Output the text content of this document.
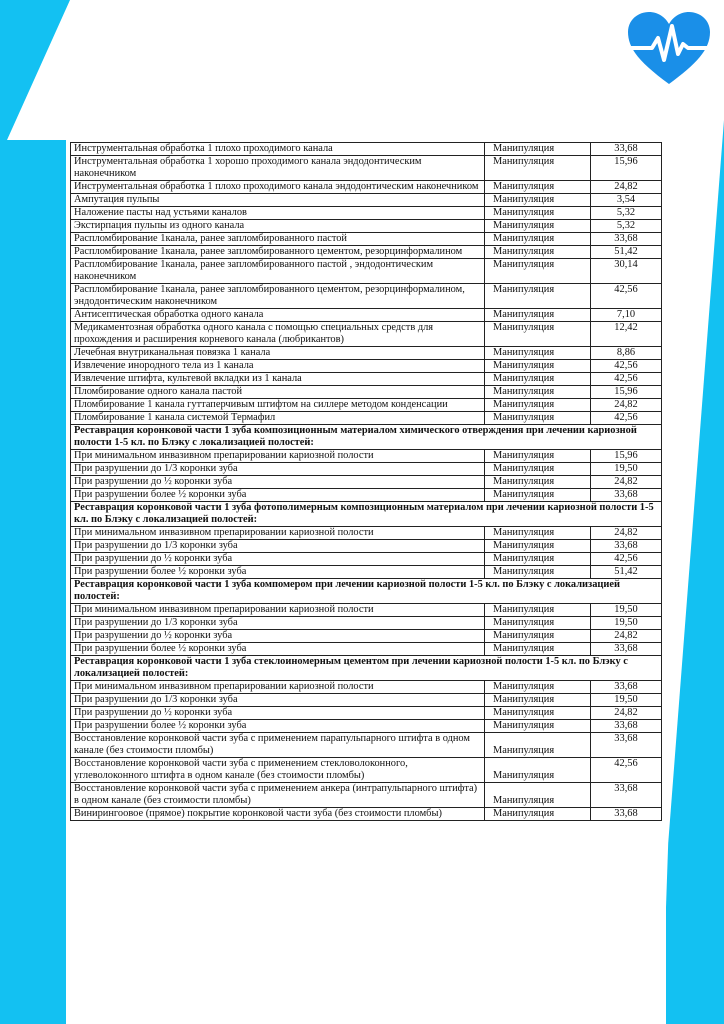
Инструментальная обработка 1 плохо проходимого канала	Манипуляция	33,68
Инструментальная обработка 1 хорошо проходимого канала эндодонтическим наконечником	Манипуляция	15,96
Инструментальная обработка 1 плохо проходимого канала эндодонтическим наконечником	Манипуляция	24,82
Ампутация пульпы	Манипуляция	3,54
Наложение пасты над устьями каналов	Манипуляция	5,32
Экстирпация пульпы из одного канала	Манипуляция	5,32
Распломбирование 1канала, ранее запломбированного пастой	Манипуляция	33,68
Распломбирование 1канала, ранее запломбированного цементом, резорцинформалином	Манипуляция	51,42
Распломбирование 1канала, ранее запломбированного пастой , эндодонтическим наконечником	Манипуляция	30,14
Распломбирование 1канала, ранее запломбированного цементом, резорцинформалином, эндодонтическим наконечником	Манипуляция	42,56
Антисептическая обработка одного канала	Манипуляция	7,10
Медикаментозная обработка одного канала с помощью специальных средств для прохождения и расширения корневого канала (любрикантов)	Манипуляция	12,42
Лечебная внутриканальная повязка 1 канала	Манипуляция	8,86
Извлечение инородного тела из 1 канала	Манипуляция	42,56
Извлечение штифта, культевой вкладки из 1 канала	Манипуляция	42,56
Пломбирование одного канала пастой	Манипуляция	15,96
Пломбирование 1 канала гуттаперчивым штифтом на силлере методом конденсации	Манипуляция	24,82
Пломбирование 1 канала системой Термафил	Манипуляция	42,56
Реставрация коронковой части 1 зуба композиционным материалом химического отверждения при лечении кариозной полости 1-5 кл. по Блэку с локализацией полостей:		
При минимальном инвазивном препарировании кариозной полости	Манипуляция	15,96
При разрушении до 1/3 коронки зуба	Манипуляция	19,50
При разрушении до ½ коронки зуба	Манипуляция	24,82
При разрушении более ½ коронки зуба	Манипуляция	33,68
Реставрация коронковой части 1 зуба фотополимерным композиционным материалом при лечении кариозной полости 1-5 кл. по Блэку с локализацией полостей:		
При минимальном инвазивном препарировании кариозной полости	Манипуляция	24,82
При разрушении до 1/3 коронки зуба	Манипуляция	33,68
При разрушении до ½ коронки зуба	Манипуляция	42,56
При разрушении более ½ коронки зуба	Манипуляция	51,42
Реставрация коронковой части 1 зуба компомером при лечении кариозной полости 1-5 кл. по Блэку с локализацией полостей:		
При минимальном инвазивном препарировании кариозной полости	Манипуляция	19,50
При разрушении до 1/3 коронки зуба	Манипуляция	19,50
При разрушении до ½ коронки зуба	Манипуляция	24,82
При разрушении более ½ коронки зуба	Манипуляция	33,68
Реставрация коронковой части 1 зуба стеклоиномерным цементом при лечении кариозной полости 1-5 кл. по Блэку с локализацией полостей:		
При минимальном инвазивном препарировании кариозной полости	Манипуляция	33,68
При разрушении до 1/3 коронки зуба	Манипуляция	19,50
При разрушении до ½ коронки зуба	Манипуляция	24,82
При разрушении более ½ коронки зуба	Манипуляция	33,68
Восстановление коронковой части зуба с применением парапульпарного штифта в одном канале (без стоимости пломбы)	Манипуляция	33,68
Восстановление коронковой части зуба с применением стекловолоконного, углеволоконного штифта в одном канале (без стоимости пломбы)	Манипуляция	42,56
Восстановление коронковой части зуба с применением анкера (интрапульпарного штифта) в одном канале (без стоимости пломбы)	Манипуляция	33,68
Винирингоовое (прямое) покрытие коронковой части зуба (без стоимости пломбы)	Манипуляция	33,68
